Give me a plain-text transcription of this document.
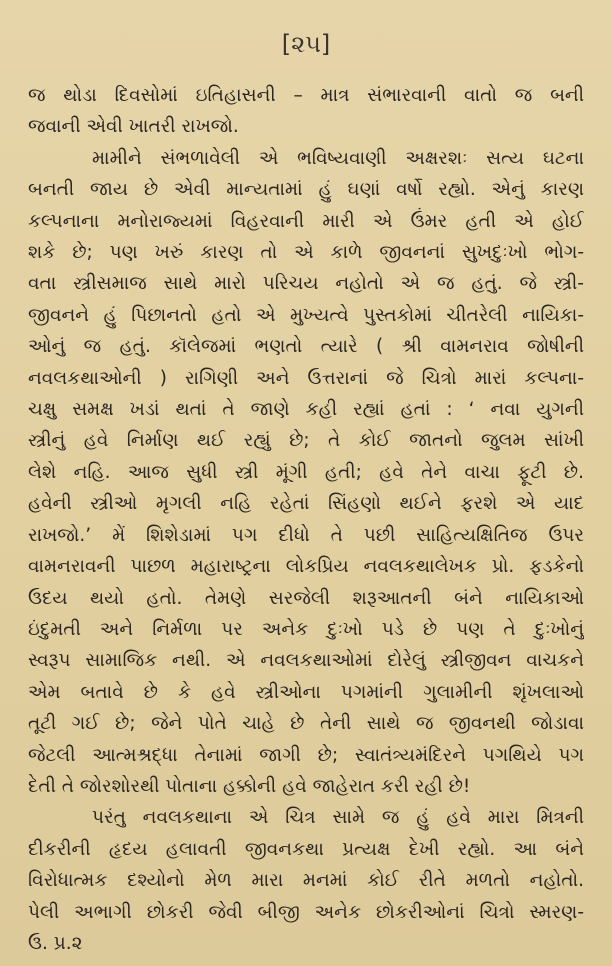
[૨૫]
જ થોડા દિવસોમાં ઇતિહાસની – માત્ર સંભારવાની વાતો જ બની
જવાની એવી ખાતરી રાખજો.
મામીને સંભળાવેલી એ ભવિષ્યવાણી અક્ષરશઃ સત્ય ઘટના
બનતી જાય છે એવી માન્યતામાં હું ઘણાં વર્ષો રહ્યો. એનું કારણ
કલ્પનાના મનોરાજ્યમાં વિહરવાની મારી એ ઉંમર હતી એ હોઈ
શકે છે; પણ ખરું કારણ તો એ કાળે જીવનનાં સુખદુઃખો ભોગ-
વતા સ્ત્રીસમાજ સાથે મારો પરિચય નહોતો એ જ હતું. જે સ્ત્રી-
જીવનને હું પિછાનતો હતો એ મુખ્યત્વે પુસ્તકોમાં ચીતરેલી નાયિકા-
ઓનું જ હતું. કૉલેજમાં ભણતો ત્યારે ( શ્રી વામનરાવ જોષીની
નવલકથાઓની ) રાગિણી અને ઉત્તરાનાં જે ચિત્રો મારાં કલ્પના-
ચક્ષુ સમક્ષ ખડાં થતાં તે જાણે કહી રહ્યાં હતાં : ‘ નવા યુગની
સ્ત્રીનું હવે નિર્માણ થઈ રહ્યું છે; તે કોઈ જાતનો જુલમ સાંખી
લેશે નહિ. આજ સુધી સ્ત્રી મૂંગી હતી; હવે તેને વાચા ફૂટી છે.
હવેની સ્ત્રીઓ મૃગલી નહિ રહેતાં સિંહણો થઈને ફરશે એ યાદ
રાખજો.’ મેં શિશેડામાં પગ દીધો તે પછી સાહિત્યક્ષિતિજ ઉપર
વામનરાવની પાછળ મહારાષ્ટ્રના લોકપ્રિય નવલકથાલેખક પ્રો. ફડકેનો
ઉદય થયો હતો. તેમણે સરજેલી શરૂઆતની બંને નાયિકાઓ
ઇંદુમતી અને નિર્મળા પર અનેક દુઃખો પડે છે પણ તે દુઃખોનું
સ્વરૂપ સામાજિક નથી. એ નવલકથાઓમાં દોરેલું સ્ત્રીજીવન વાચકને
એમ બતાવે છે કે હવે સ્ત્રીઓના પગમાંની ગુલામીની શૃંખલાઓ
તૂટી ગઈ છે; જેને પોતે ચાહે છે તેની સાથે જ જીવનથી જોડાવા
જેટલી આત્મશ્રદ્ધા તેનામાં જાગી છે; સ્વાતંત્ર્યમંદિરને પગથિયે પગ
દેતી તે જોરશોરથી પોતાના હક્કોની હવે જાહેરાત કરી રહી છે!
પરંતુ નવલકથાના એ ચિત્ર સામે જ હું હવે મારા મિત્રની
દીકરીની હૃદય હલાવતી જીવનકથા પ્રત્યક્ષ દેખી રહ્યો. આ બંને
વિરોધાત્મક દશ્યોનો મેળ મારા મનમાં કોઈ રીતે મળતો નહોતો.
પેલી અભાગી છોકરી જેવી બીજી અનેક છોકરીઓનાં ચિત્રો સ્મરણ-
ઉ. પ્ર.૨
